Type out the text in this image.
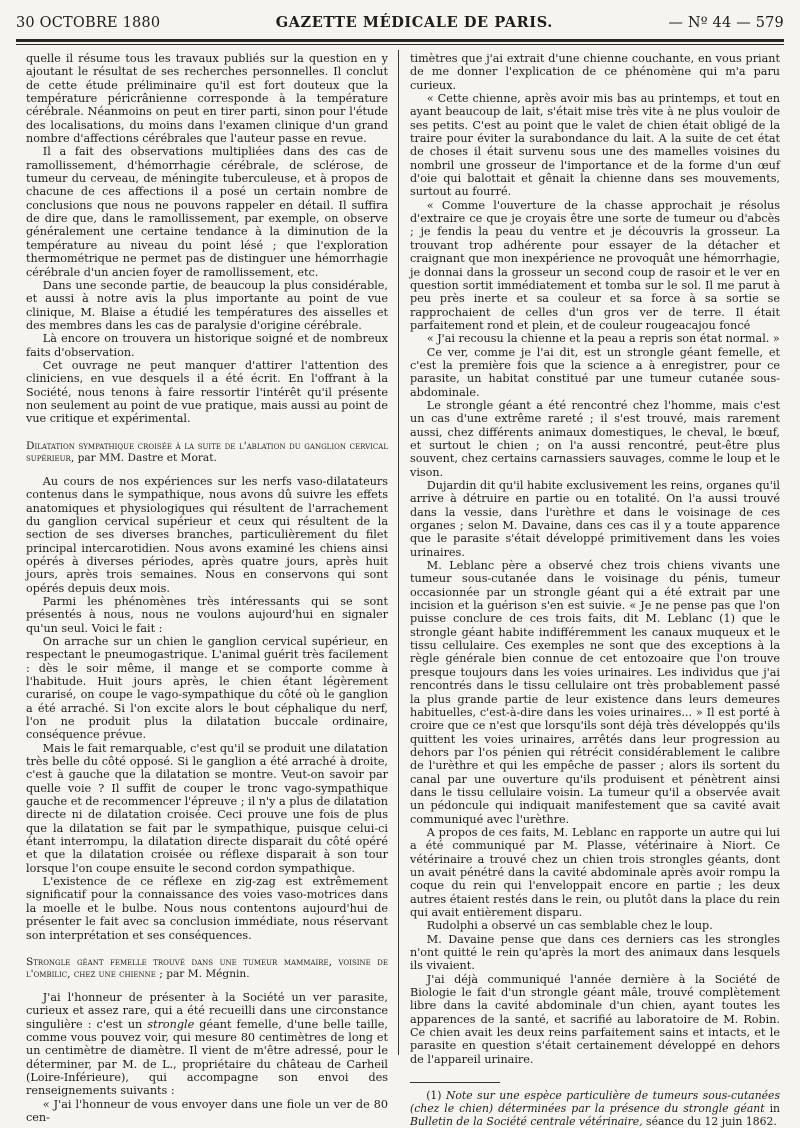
30 OCTOBRE 1880	GAZETTE MÉDICALE DE PARIS.	— Nº 44 — 579

quelle il résume tous les travaux publiés sur la question en y ajoutant le résultat de ses recherches personnelles. Il conclut de cette étude préliminaire qu'il est fort douteux que la température péricrânienne corresponde à la température cérébrale. Néanmoins on peut en tirer parti, sinon pour l'étude des localisations, du moins dans l'examen clinique d'un grand nombre d'affections cérébrales que l'auteur passe en revue.

Il a fait des observations multipliées dans des cas de ramollissement, d'hémorrhagie cérébrale, de sclérose, de tumeur du cerveau, de méningite tuberculeuse, et à propos de chacune de ces affections il a posé un certain nombre de conclusions que nous ne pouvons rappeler en détail. Il suffira de dire que, dans le ramollissement, par exemple, on observe généralement une certaine tendance à la diminution de la température au niveau du point lésé ; que l'exploration thermométrique ne permet pas de distinguer une hémorrhagie cérébrale d'un ancien foyer de ramollissement, etc.

Dans une seconde partie, de beaucoup la plus considérable, et aussi à notre avis la plus importante au point de vue clinique, M. Blaise a étudié les températures des aisselles et des membres dans les cas de paralysie d'origine cérébrale.

Là encore on trouvera un historique soigné et de nombreux faits d'observation.

Cet ouvrage ne peut manquer d'attirer l'attention des cliniciens, en vue desquels il a été écrit. En l'offrant à la Société, nous tenons à faire ressortir l'intérêt qu'il présente non seulement au point de vue pratique, mais aussi au point de vue critique et expérimental.

Dilatation sympathique croisée à la suite de l'ablation du ganglion cervical supérieur, par MM. Dastre et Morat.

Au cours de nos expériences sur les nerfs vaso-dilatateurs contenus dans le sympathique, nous avons dû suivre les effets anatomiques et physiologiques qui résultent de l'arrachement du ganglion cervical supérieur et ceux qui résultent de la section de ses diverses branches, particulièrement du filet principal intercarotidien. Nous avons examiné les chiens ainsi opérés à diverses périodes, après quatre jours, après huit jours, après trois semaines. Nous en conservons qui sont opérés depuis deux mois.

Parmi les phénomènes très intéressants qui se sont présentés à nous, nous ne voulons aujourd'hui en signaler qu'un seul. Voici le fait :

On arrache sur un chien le ganglion cervical supérieur, en respectant le pneumogastrique. L'animal guérit très facilement : dès le soir même, il mange et se comporte comme à l'habitude. Huit jours après, le chien étant légèrement curarisé, on coupe le vago-sympathique du côté où le ganglion a été arraché. Si l'on excite alors le bout céphalique du nerf, l'on ne produit plus la dilatation buccale ordinaire, conséquence prévue.

Mais le fait remarquable, c'est qu'il se produit une dilatation très belle du côté opposé. Si le ganglion a été arraché à droite, c'est à gauche que la dilatation se montre. Veut-on savoir par quelle voie ? Il suffit de couper le tronc vago-sympathique gauche et de recommencer l'épreuve ; il n'y a plus de dilatation directe ni de dilatation croisée. Ceci prouve une fois de plus que la dilatation se fait par le sympathique, puisque celui-ci étant interrompu, la dilatation directe disparait du côté opéré et que la dilatation croisée ou réflexe disparait à son tour lorsque l'on coupe ensuite le second cordon sympathique.

L'existence de ce réflexe en zig-zag est extrêmement significatif pour la connaissance des voies vaso-motrices dans la moelle et le bulbe. Nous nous contentons aujourd'hui de présenter le fait avec sa conclusion immédiate, nous réservant son interprétation et ses conséquences.

Strongle géant femelle trouvé dans une tumeur mammaire, voisine de l'ombilic, chez une chienne ; par M. Mégnin.

J'ai l'honneur de présenter à la Société un ver parasite, curieux et assez rare, qui a été recueilli dans une circonstance singulière : c'est un strongle géant femelle, d'une belle taille, comme vous pouvez voir, qui mesure 80 centimètres de long et un centimètre de diamètre. Il vient de m'être adressé, pour le déterminer, par M. de L., propriétaire du château de Carheil (Loire-Inférieure), qui accompagne son envoi des renseignements suivants :

« J'ai l'honneur de vous envoyer dans une fiole un ver de 80 cen-

timètres que j'ai extrait d'une chienne couchante, en vous priant de me donner l'explication de ce phénomène qui m'a paru curieux.

« Cette chienne, après avoir mis bas au printemps, et tout en ayant beaucoup de lait, s'était mise très vite à ne plus vouloir de ses petits. C'est au point que le valet de chien était obligé de la traire pour éviter la surabondance du lait. A la suite de cet état de choses il était survenu sous une des mamelles voisines du nombril une grosseur de l'importance et de la forme d'un œuf d'oie qui balottait et gênait la chienne dans ses mouvements, surtout au fourré.

« Comme l'ouverture de la chasse approchait je résolus d'extraire ce que je croyais être une sorte de tumeur ou d'abcès ; je fendis la peau du ventre et je découvris la grosseur. La trouvant trop adhérente pour essayer de la détacher et craignant que mon inexpérience ne provoquât une hémorrhagie, je donnai dans la grosseur un second coup de rasoir et le ver en question sortit immédiatement et tomba sur le sol. Il me parut à peu près inerte et sa couleur et sa force à sa sortie se rapprochaient de celles d'un gros ver de terre. Il était parfaitement rond et plein, et de couleur rougeacajou foncé

« J'ai recousu la chienne et la peau a repris son état normal. »

Ce ver, comme je l'ai dit, est un strongle géant femelle, et c'est la première fois que la science a à enregistrer, pour ce parasite, un habitat constitué par une tumeur cutanée sous-abdominale.

Le strongle géant a été rencontré chez l'homme, mais c'est un cas d'une extrême rareté ; il s'est trouvé, mais rarement aussi, chez différents animaux domestiques, le cheval, le bœuf, et surtout le chien ; on l'a aussi rencontré, peut-être plus souvent, chez certains carnassiers sauvages, comme le loup et le vison.

Dujardin dit qu'il habite exclusivement les reins, organes qu'il arrive à détruire en partie ou en totalité. On l'a aussi trouvé dans la vessie, dans l'urèthre et dans le voisinage de ces organes ; selon M. Davaine, dans ces cas il y a toute apparence que le parasite s'était développé primitivement dans les voies urinaires.

M. Leblanc père a observé chez trois chiens vivants une tumeur sous-cutanée dans le voisinage du pénis, tumeur occasionnée par un strongle géant qui a été extrait par une incision et la guérison s'en est suivie. « Je ne pense pas que l'on puisse conclure de ces trois faits, dit M. Leblanc (1) que le strongle géant habite indifféremment les canaux muqueux et le tissu cellulaire. Ces exemples ne sont que des exceptions à la règle générale bien connue de cet entozoaire que l'on trouve presque toujours dans les voies urinaires. Les individus que j'ai rencontrés dans le tissu cellulaire ont très probablement passé la plus grande partie de leur existence dans leurs demeures habituelles, c'est-à-dire dans les voies urinaires... » Il est porté à croire que ce n'est que lorsqu'ils sont déjà très développés qu'ils quittent les voies urinaires, arrêtés dans leur progression au dehors par l'os pénien qui rétrécit considérablement le calibre de l'urèthre et qui les empêche de passer ; alors ils sortent du canal par une ouverture qu'ils produisent et pénètrent ainsi dans le tissu cellulaire voisin. La tumeur qu'il a observée avait un pédoncule qui indiquait manifestement que sa cavité avait communiqué avec l'urèthre.

A propos de ces faits, M. Leblanc en rapporte un autre qui lui a été communiqué par M. Plasse, vétérinaire à Niort. Ce vétérinaire a trouvé chez un chien trois strongles géants, dont un avait pénétré dans la cavité abdominale après avoir rompu la coque du rein qui l'enveloppait encore en partie ; les deux autres étaient restés dans le rein, ou plutôt dans la place du rein qui avait entièrement disparu.

Rudolphi a observé un cas semblable chez le loup.

M. Davaine pense que dans ces derniers cas les strongles n'ont quitté le rein qu'après la mort des animaux dans lesquels ils vivaient.

J'ai déjà communiqué l'année dernière à la Société de Biologie le fait d'un strongle géant mâle, trouvé complètement libre dans la cavité abdominale d'un chien, ayant toutes les apparences de la santé, et sacrifié au laboratoire de M. Robin. Ce chien avait les deux reins parfaitement sains et intacts, et le parasite en question s'était certainement développé en dehors de l'appareil urinaire.

(1) Note sur une espèce particulière de tumeurs sous-cutanées (chez le chien) déterminées par la présence du strongle géant in Bulletin de la Société centrale vétérinaire, séance du 12 juin 1862.
